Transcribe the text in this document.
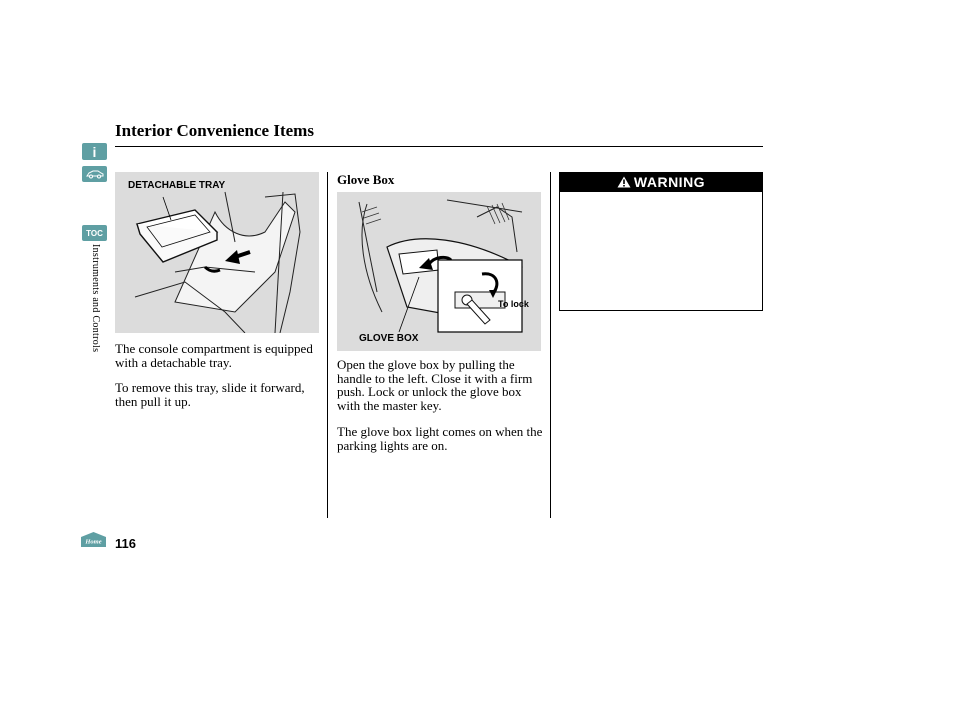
Interior Convenience Items
i
TOC
Instruments and Controls
Home 116
DETACHABLE TRAY

The console compartment is equipped with a detachable tray.

To remove this tray, slide it forward, then pull it up.

Glove Box
To lock
GLOVE BOX

Open the glove box by pulling the handle to the left. Close it with a firm push. Lock or unlock the glove box with the master key.

The glove box light comes on when the parking lights are on.

WARNING
